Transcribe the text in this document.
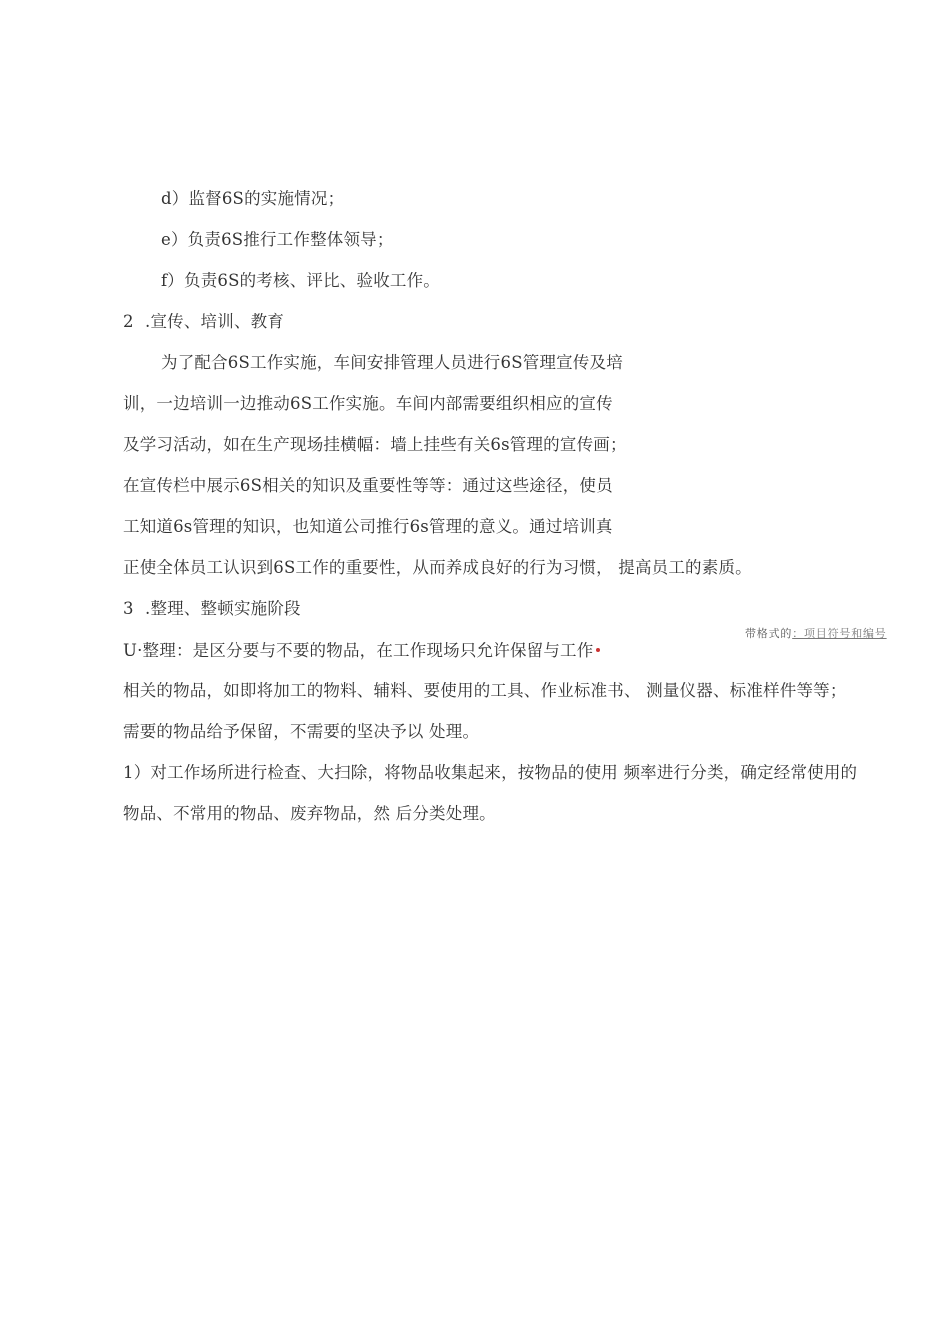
d）监督6S的实施情况；
e）负责6S推行工作整体领导；
f）负责6S的考核、评比、验收工作。
2 .宣传、培训、教育
为了配合6S工作实施，车间安排管理人员进行6S管理宣传及培
训，一边培训一边推动6S工作实施。车间内部需要组织相应的宣传
及学习活动，如在生产现场挂横幅：墙上挂些有关6s管理的宣传画；
在宣传栏中展示6S相关的知识及重要性等等：通过这些途径，使员
工知道6s管理的知识，也知道公司推行6s管理的意义。通过培训真
正使全体员工认识到6S工作的重要性，从而养成良好的行为习惯， 提高员工的素质。
3 .整理、整顿实施阶段
带格式的：项目符号和编号
U·整理：是区分要与不要的物品，在工作现场只允许保留与工作
相关的物品，如即将加工的物料、辅料、要使用的工具、作业标准书、 测量仪器、标准样件等等；
需要的物品给予保留，不需要的坚决予以 处理。
1）对工作场所进行检查、大扫除，将物品收集起来，按物品的使用 频率进行分类，确定经常使用的
物品、不常用的物品、废弃物品，然 后分类处理。
